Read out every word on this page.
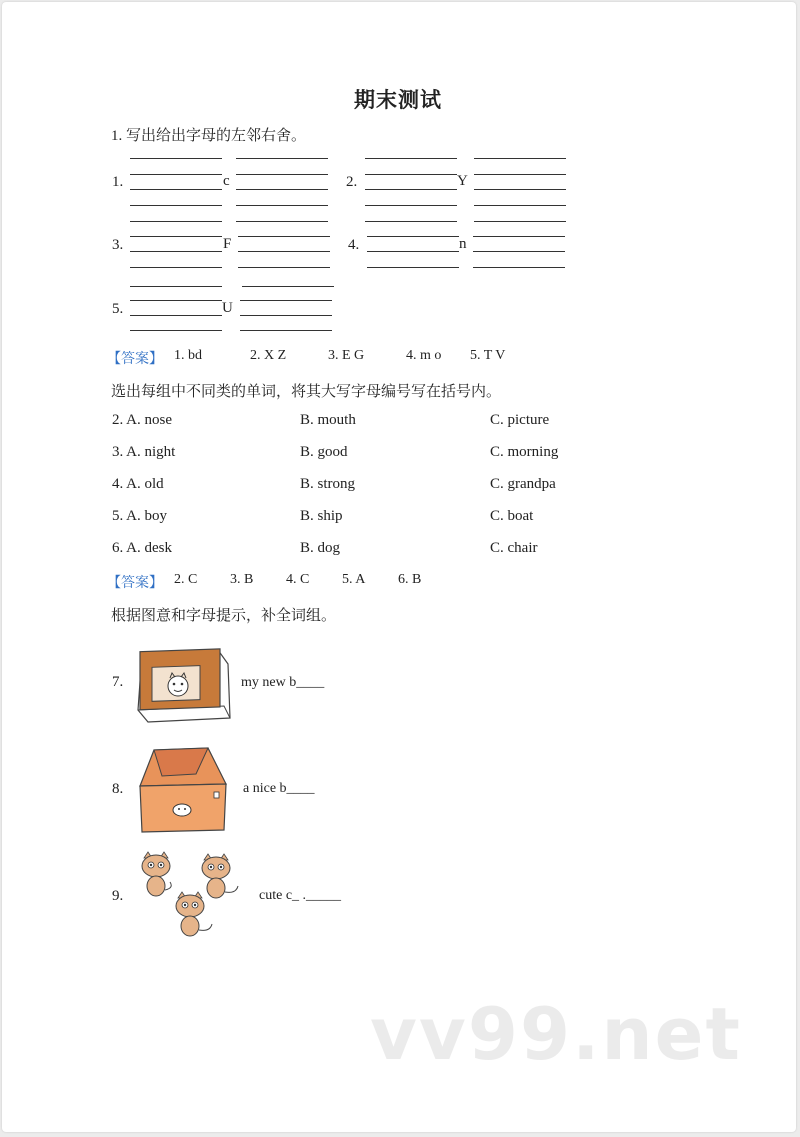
期末测试
1. 写出给出字母的左邻右舍。
1.	c	2.	Y
3.	F	4.	n
5.	U
【答案】 1. bd	2. X Z	3. E G	4. m o 5. T V
选出每组中不同类的单词，将其大写字母编号写在括号内。
2. A. nose	B. mouth	C. picture
3. A. night	B. good	C. morning
4. A. old	B. strong	C. grandpa
5. A. boy	B. ship	C. boat
6. A. desk	B. dog	C. chair
【答案】 2. C 3. B 4. C 5. A 6. B
根据图意和字母提示，补全词组。
7.	my new b____
8.	a nice b____
9.	cute c_ ._____
vv99.net
